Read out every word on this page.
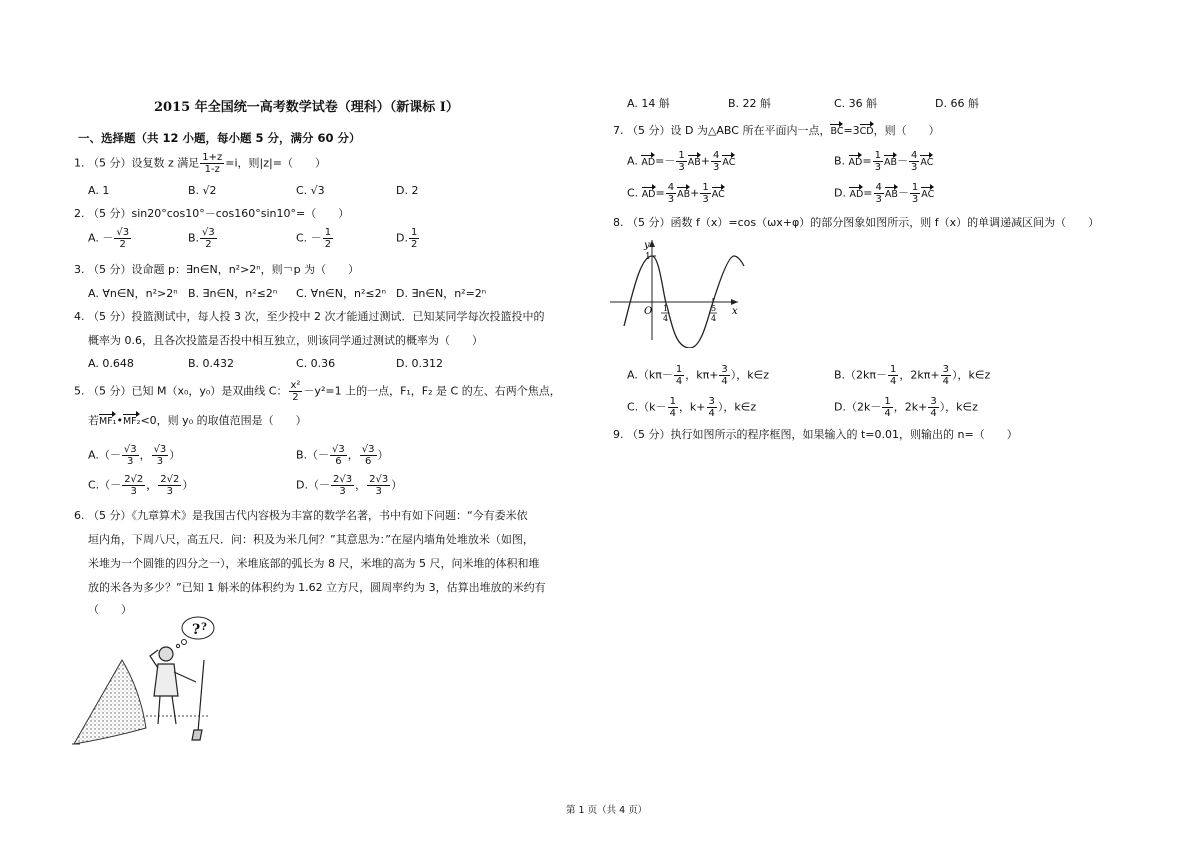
2015 年全国统一高考数学试卷（理科）（新课标 Ⅰ）
一、选择题（共 12 小题，每小题 5 分，满分 60 分）
1. （5 分）设复数 z 满足 $\frac{1+z}{1-z} =i$，则|z|=（　　）
A. 1	B. √2	C. √3	D. 2
2. （5 分）sin20°cos10°－cos160°sin10°=（　　）
A. － $\frac{√3}{2}$	B. $\frac{√3}{2}$	C. － $\frac{1}{2}$	D. $\frac{1}{2}$
3. （5 分）设命题 p：∃n∈N，n²>2ⁿ，则￢p 为（　　）
A. ∀n∈N，n²>2ⁿ B. ∃n∈N，n²≤2ⁿ C. ∀n∈N，n²≤2ⁿ D. ∃n∈N，n²=2ⁿ
4. （5 分）投篮测试中，每人投 3 次，至少投中 2 次才能通过测试．已知某同学每次投篮投中的
概率为 0.6，且各次投篮是否投中相互独立，则该同学通过测试的概率为（　　）
A. 0.648	B. 0.432	C. 0.36	D. 0.312
5. （5 分）已知 M（x₀，y₀）是双曲线 C： $\frac{\text{x²}}{2} -y^2=1$ 上的一点，F₁，F₂ 是 C 的左、右两个焦点，
若MF₁•MF₂<0，则 y₀ 的取值范围是（　　）
$A.(- \frac{√3}{3}$ ， $\frac{√3}{3}$ ）	$B.(- \frac{√3}{6}$ ， $\frac{√3}{6}$ ）
$C.(- \frac{2√2}{3}$ ， $\frac{2√2}{3}$ ）	$D.(- \frac{2√3}{3}$ ， $\frac{2√3}{3}$ ）
6. （5 分）《九章算术》是我国古代内容极为丰富的数学名著，书中有如下问题：“今有委米依
垣内角，下周八尺，高五尺．问：积及为米几何？”其意思为：”在屋内墙角处堆放米（如图，
米堆为一个圆锥的四分之一），米堆底部的弧长为 8 尺，米堆的高为 5 尺，问米堆的体积和堆
放的米各为多少？”已知 1 斛米的体积约为 1.62 立方尺，圆周率约为 3，估算出堆放的米约有
（　　）
? ?
A. 14 斛	B. 22 斛	C. 36 斛	D. 66 斛
7. （5 分）设 D 为△ABC 所在平面内一点，BC=3CD，则（　　）
A. $AD=- \frac{1}{3} AB+ \frac{4}{3}$ AC	B. $AD= \frac{1}{3} AB- \frac{4}{3}$ AC
C. $AD= \frac{4}{3} AB+ \frac{1}{3}$ AC	D. $AD= \frac{4}{3} AB- \frac{1}{3}$ AC
8. （5 分）函数 f（x）=cos（ωx+φ）的部分图象如图所示，则 f（x）的单调递减区间为（　　）
y
x
O
1
1
4
5
4
$A.(k\pi- \frac{1}{4}$ ，$k\pi+ \frac{3}{4}$ ），k∈z	$B.(2k\pi- \frac{1}{4}$ ，$2k\pi+ \frac{3}{4}$ ），k∈z
$C.(k- \frac{1}{4}$ ，$k+ \frac{3}{4}$ ），k∈z	$D.(2k- \frac{1}{4}$ ，$2k+ \frac{3}{4}$ ），k∈z
9. （5 分）执行如图所示的程序框图，如果输入的 t=0.01，则输出的 n=（　　）
第 1 页（共 4 页）
